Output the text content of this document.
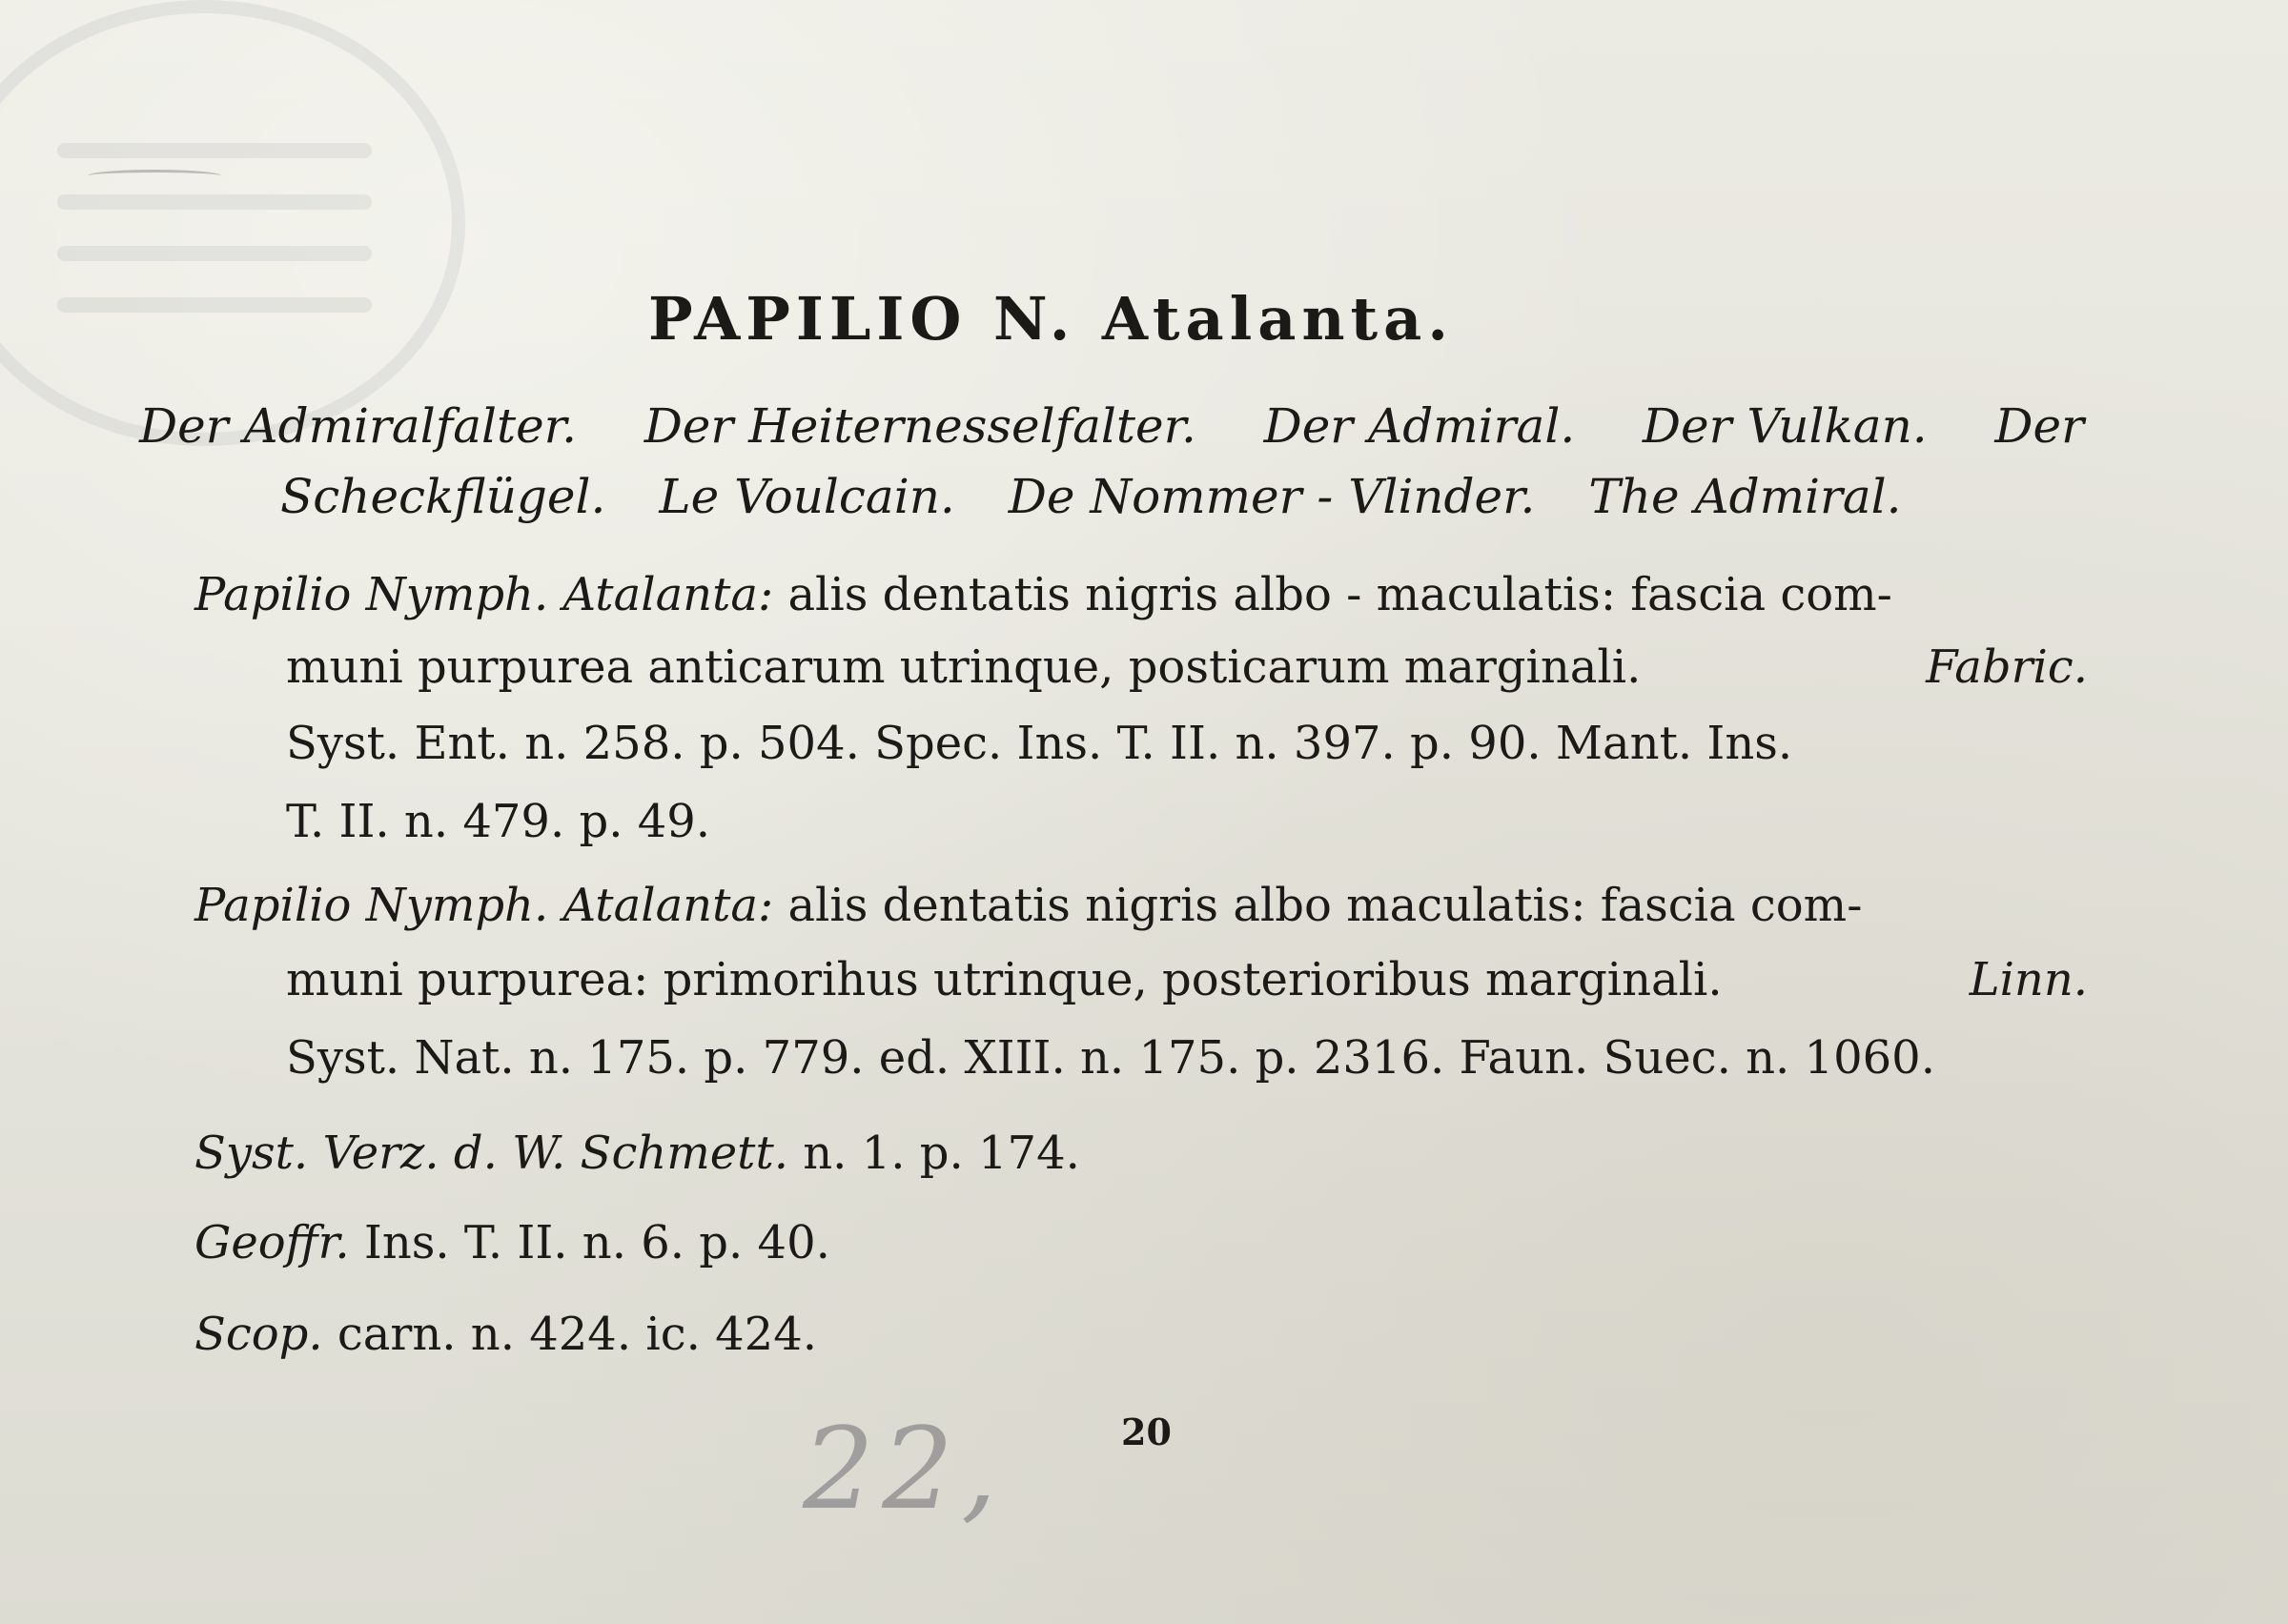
PAPILIO N. Atalanta.
Der Admiralfalter. Der Heiternesselfalter. Der Admiral. Der Vulkan. Der
Scheckflügel. Le Voulcain. De Nommer - Vlinder. The Admiral.
Papilio Nymph. Atalanta: alis dentatis nigris albo - maculatis: fascia com-
muni purpurea anticarum utrinque, posticarum marginali.	Fabric.
Syst. Ent. n. 258. p. 504. Spec. Ins. T. II. n. 397. p. 90. Mant. Ins.
T. II. n. 479. p. 49.
Papilio Nymph. Atalanta: alis dentatis nigris albo maculatis: fascia com-
muni purpurea: primorihus utrinque, posterioribus marginali.	Linn.
Syst. Nat. n. 175. p. 779. ed. XIII. n. 175. p. 2316. Faun. Suec. n. 1060.
Syst. Verz. d. W. Schmett. n. 1. p. 174.
Geoffr. Ins. T. II. n. 6. p. 40.
Scop. carn. n. 424. ic. 424.
22,	20
